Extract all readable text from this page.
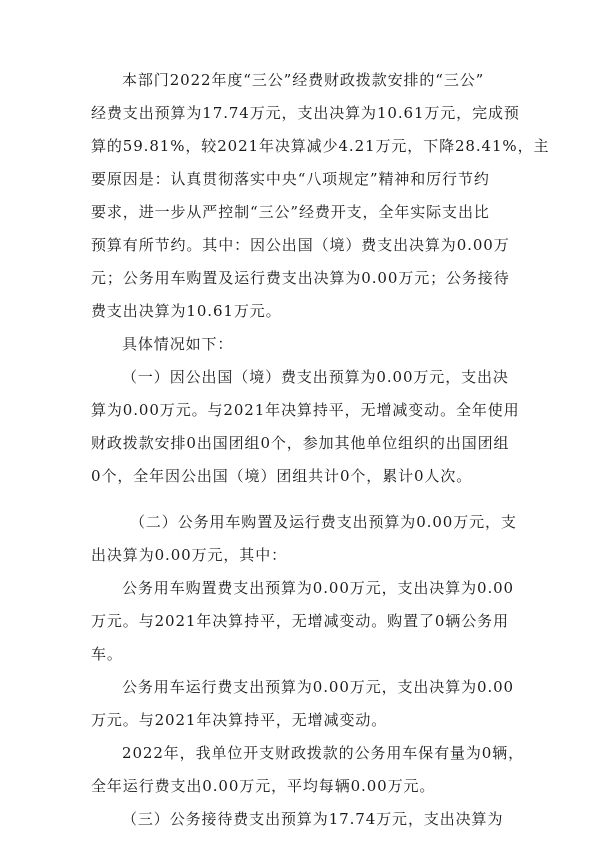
本部门2022年度“三公”经费财政拨款安排的“三公”
经费支出预算为17.74万元，支出决算为10.61万元，完成预
算的59.81%，较2021年决算减少4.21万元，下降28.41%，主
要原因是：认真贯彻落实中央“八项规定”精神和厉行节约
要求，进一步从严控制“三公”经费开支，全年实际支出比
预算有所节约。其中：因公出国（境）费支出决算为0.00万
元；公务用车购置及运行费支出决算为0.00万元；公务接待
费支出决算为10.61万元。
具体情况如下：
（一）因公出国（境）费支出预算为0.00万元，支出决
算为0.00万元。与2021年决算持平，无增减变动。全年使用
财政拨款安排0出国团组0个，参加其他单位组织的出国团组
0个，全年因公出国（境）团组共计0个，累计0人次。
（二）公务用车购置及运行费支出预算为0.00万元，支
出决算为0.00万元，其中：
公务用车购置费支出预算为0.00万元，支出决算为0.00
万元。与2021年决算持平，无增减变动。购置了0辆公务用
车。
公务用车运行费支出预算为0.00万元，支出决算为0.00
万元。与2021年决算持平，无增减变动。
2022年，我单位开支财政拨款的公务用车保有量为0辆，
全年运行费支出0.00万元，平均每辆0.00万元。
（三）公务接待费支出预算为17.74万元，支出决算为
